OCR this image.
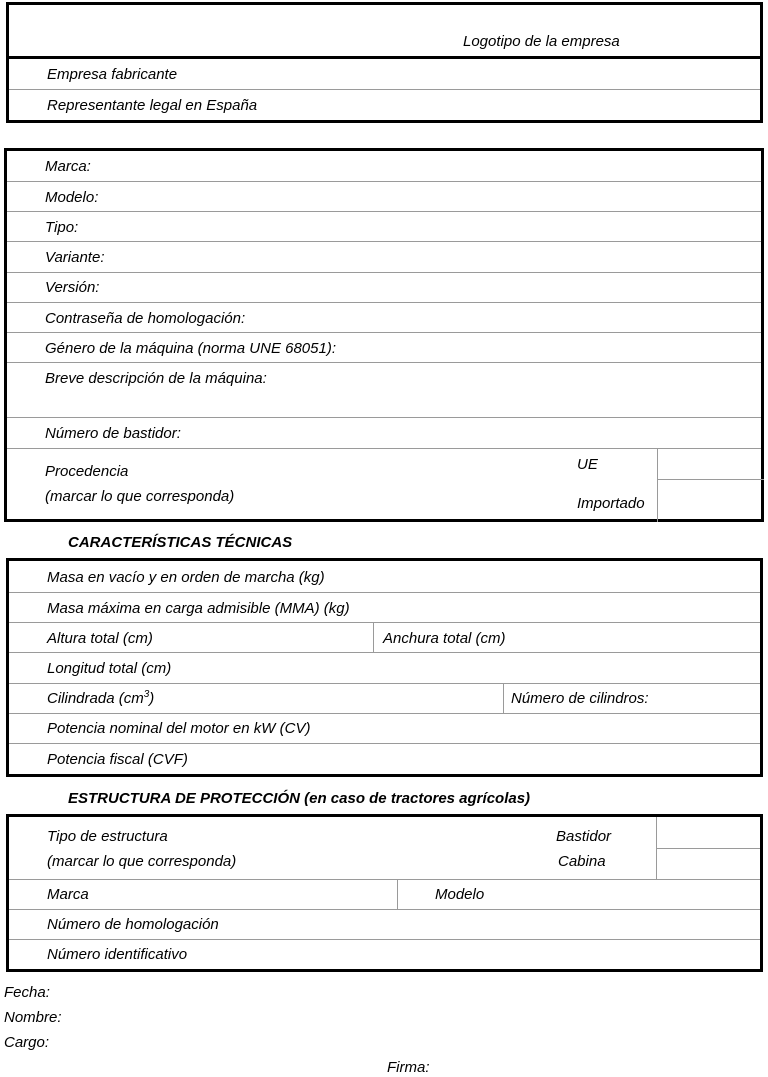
Logotipo de la empresa
Empresa fabricante
Representante legal en España
Marca:
Modelo:
Tipo:
Variante:
Versión:
Contraseña de homologación:
Género de la máquina (norma UNE 68051):
Breve descripción de la máquina:
Número de bastidor:
Procedencia
(marcar lo que corresponda)
UE
Importado
CARACTERÍSTICAS TÉCNICAS
Masa en vacío y en orden de marcha (kg)
Masa máxima en carga admisible (MMA) (kg)
Altura total (cm)	Anchura total (cm)
Longitud total (cm)
Cilindrada $(cm^3)$	Número de cilindros:
Potencia nominal del motor en kW (CV)
Potencia fiscal (CVF)
ESTRUCTURA DE PROTECCIÓN (en caso de tractores agrícolas)
Tipo de estructura
(marcar lo que corresponda)
Bastidor
Cabina
Marca	Modelo
Número de homologación
Número identificativo
Fecha:
Nombre:
Cargo:
Firma:
